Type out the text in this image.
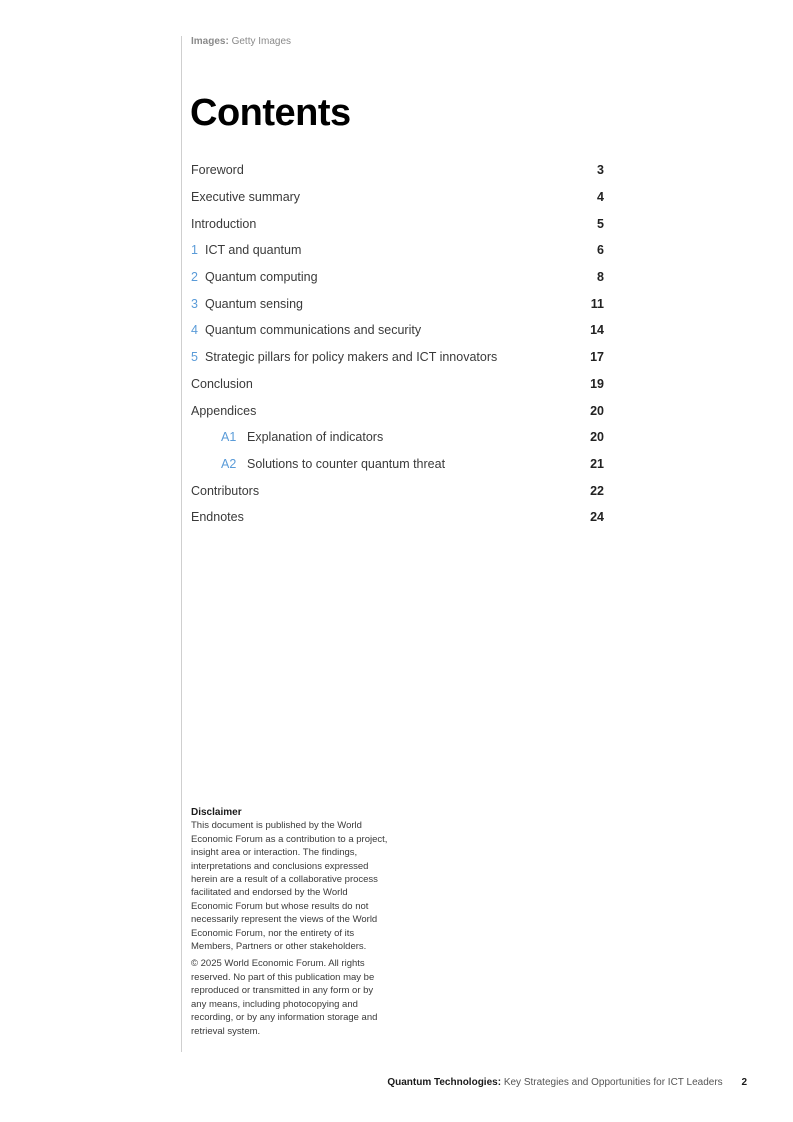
Images: Getty Images
Contents
Foreword	3
Executive summary	4
Introduction	5
1 ICT and quantum	6
2 Quantum computing	8
3 Quantum sensing	11
4 Quantum communications and security	14
5 Strategic pillars for policy makers and ICT innovators	17
Conclusion	19
Appendices	20
A1 Explanation of indicators	20
A2 Solutions to counter quantum threat	21
Contributors	22
Endnotes	24

Disclaimer

This document is published by the World Economic Forum as a contribution to a project, insight area or interaction. The findings, interpretations and conclusions expressed herein are a result of a collaborative process facilitated and endorsed by the World Economic Forum but whose results do not necessarily represent the views of the World Economic Forum, nor the entirety of its Members, Partners or other stakeholders.

© 2025 World Economic Forum. All rights reserved. No part of this publication may be reproduced or transmitted in any form or by any means, including photocopying and recording, or by any information storage and retrieval system.

Quantum Technologies: Key Strategies and Opportunities for ICT Leaders 2
